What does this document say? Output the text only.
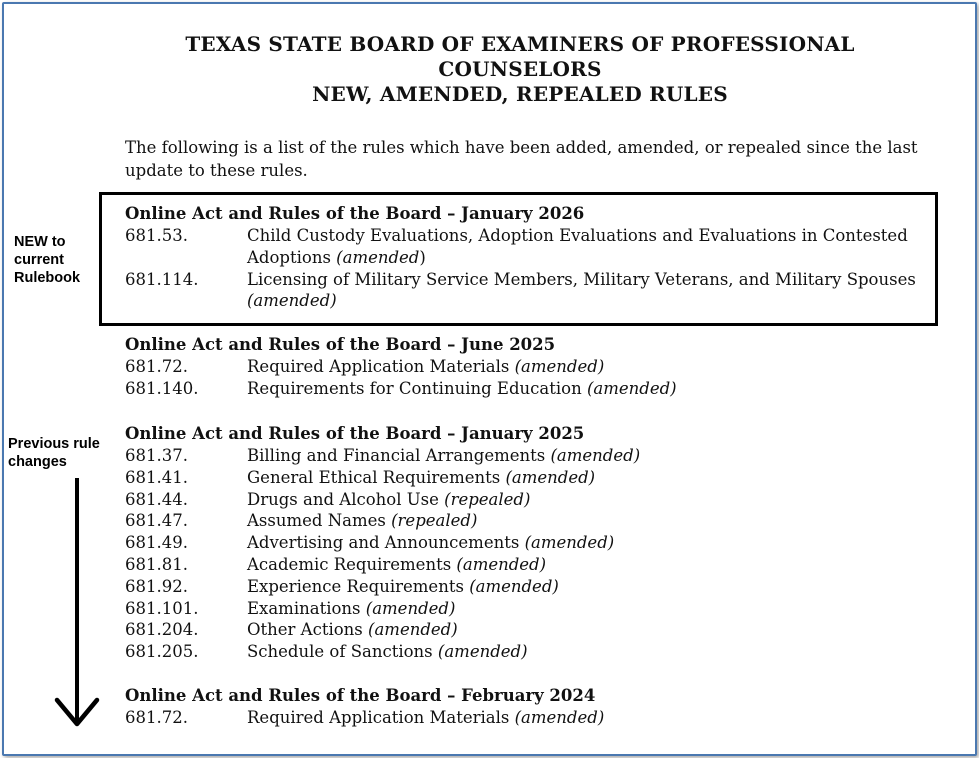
TEXAS STATE BOARD OF EXAMINERS OF PROFESSIONAL
COUNSELORS
NEW, AMENDED, REPEALED RULES
The following is a list of the rules which have been added, amended, or repealed since the last update to these rules.
Online Act and Rules of the Board – January 2026
681.53.	Child Custody Evaluations, Adoption Evaluations and Evaluations in Contested Adoptions (amended)
681.114.	Licensing of Military Service Members, Military Veterans, and Military Spouses (amended)
Online Act and Rules of the Board – June 2025
681.72.	Required Application Materials (amended)
681.140.	Requirements for Continuing Education (amended)
Online Act and Rules of the Board – January 2025
681.37.	Billing and Financial Arrangements (amended)
681.41.	General Ethical Requirements (amended)
681.44.	Drugs and Alcohol Use (repealed)
681.47.	Assumed Names (repealed)
681.49.	Advertising and Announcements (amended)
681.81.	Academic Requirements (amended)
681.92.	Experience Requirements (amended)
681.101.	Examinations (amended)
681.204.	Other Actions (amended)
681.205.	Schedule of Sanctions (amended)
Online Act and Rules of the Board – February 2024
681.72.	Required Application Materials (amended)
NEW to
current
Rulebook
Previous rule
changes
